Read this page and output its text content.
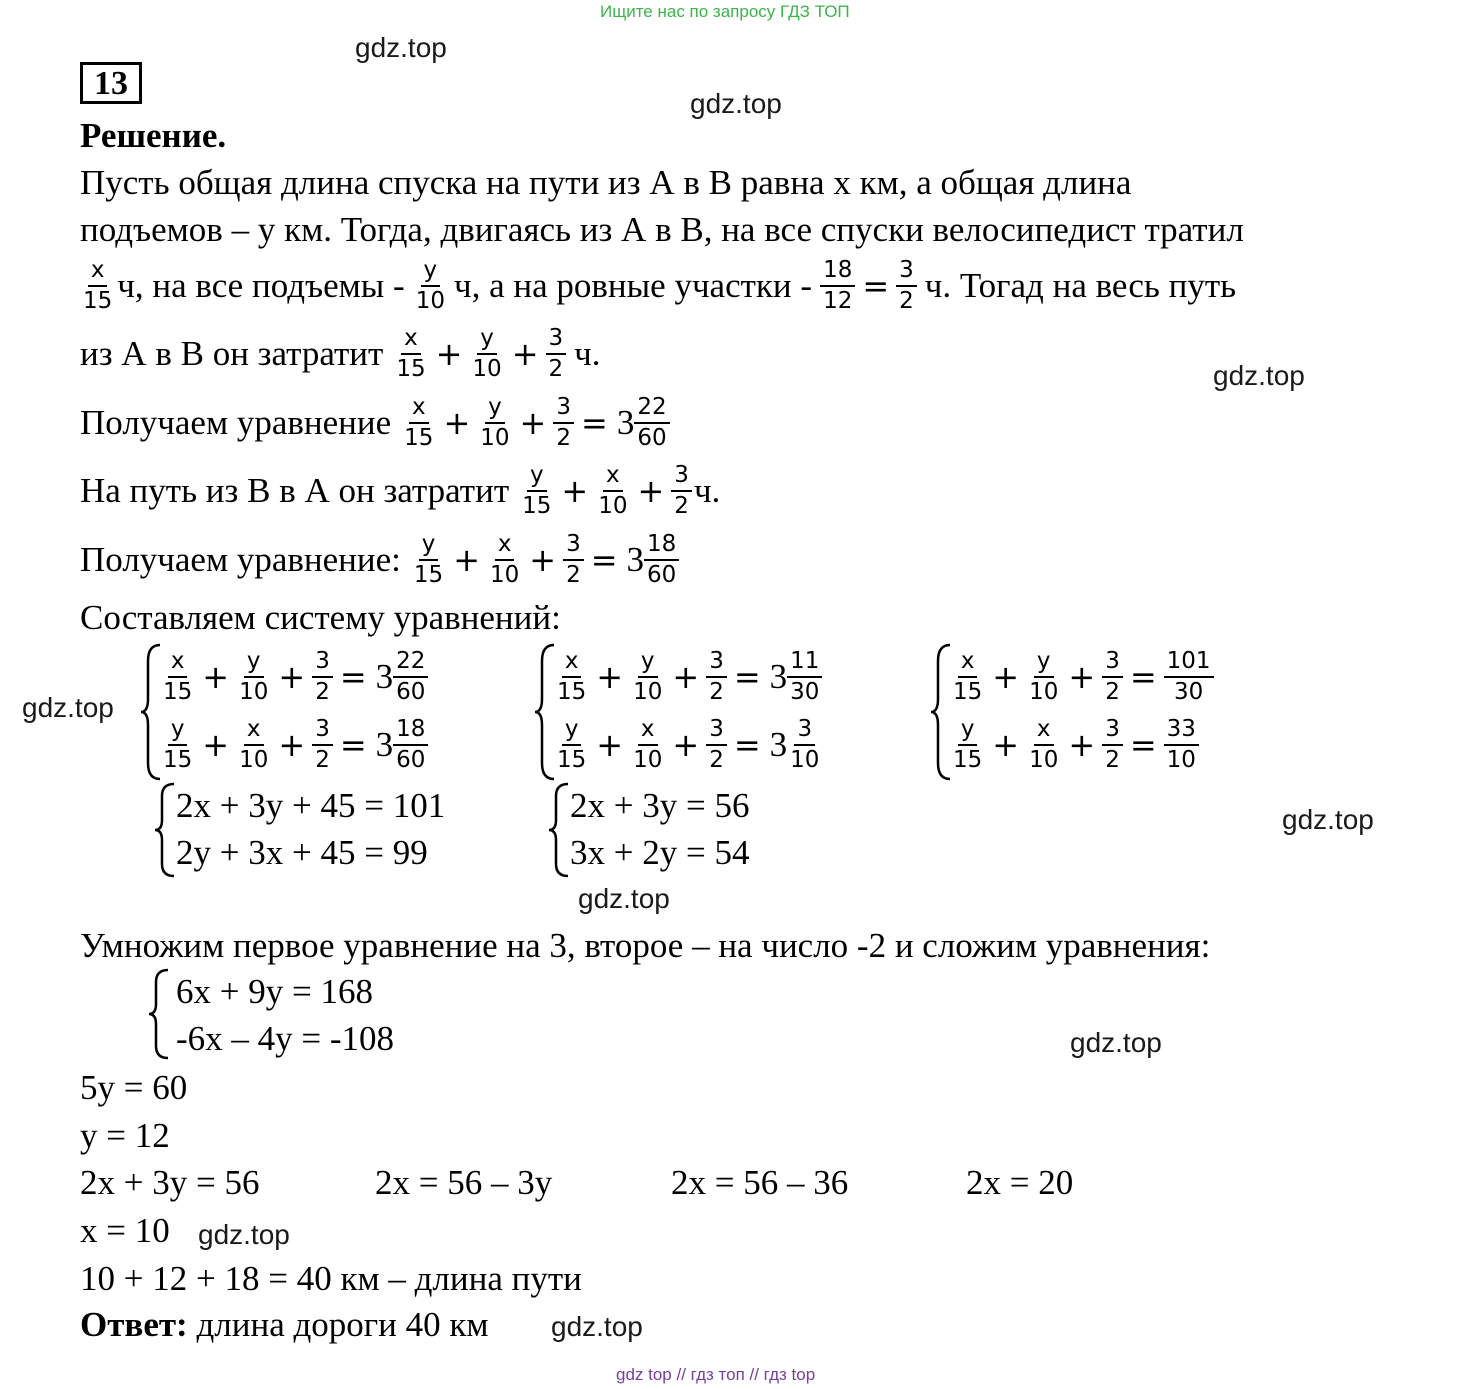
Ищите нас по запросу ГДЗ ТОП
gdz.top
gdz.top
gdz.top
gdz.top
gdz.top
gdz.top
gdz.top
gdz.top
gdz.top
13
Решение.
Пусть общая длина спуска на пути из А в В равна х км, а общая длина
подъемов – у км. Тогда, двигаясь из А в В, на все спуски велосипедист тратил
$\frac{x}{15} ч$, на все подъемы - $\frac{y}{10} ч$, а на ровные участки - $\frac{18}{12} = \frac{3}{2} ч$. Тогад на весь путь
из А в В он затратит $\frac{x}{15} + \frac{y}{10} + \frac{3}{2} ч$.
Получаем уравнение $\frac{x}{15} + \frac{y}{10} + \frac{3}{2} = 3 \frac{22}{60}$
На путь из В в А он затратит $\frac{y}{15} + \frac{x}{10} + \frac{3}{2} ч$.
Получаем уравнение: $\frac{y}{15} + \frac{x}{10} + \frac{3}{2} = 3 \frac{18}{60}$
Составляем систему уравнений:
$\frac{x}{15} + \frac{y}{10} + \frac{3}{2} = 3 \frac{22}{60}$
$\frac{y}{15} + \frac{x}{10} + \frac{3}{2} = 3 \frac{18}{60}$
$\frac{x}{15} + \frac{y}{10} + \frac{3}{2} = 3 \frac{11}{30}$
$\frac{y}{15} + \frac{x}{10} + \frac{3}{2} = 3 \frac{3}{10}$
$\frac{x}{15} + \frac{y}{10} + \frac{3}{2} = \frac{101}{30}$
$\frac{y}{15} + \frac{x}{10} + \frac{3}{2} = \frac{33}{10}$
2x + 3y + 45 = 101
2y + 3x + 45 = 99
2x + 3y = 56
3x + 2y = 54
Умножим первое уравнение на 3, второе – на число -2 и сложим уравнения:
6x + 9y = 168
-6x – 4y = -108
5y = 60
y = 12
2x + 3y = 56	2x = 56 – 3y	2x = 56 – 36	2x = 20
x = 10
10 + 12 + 18 = 40 км – длина пути
Ответ: длина дороги 40 км
gdz top // гдз топ // гдз top
